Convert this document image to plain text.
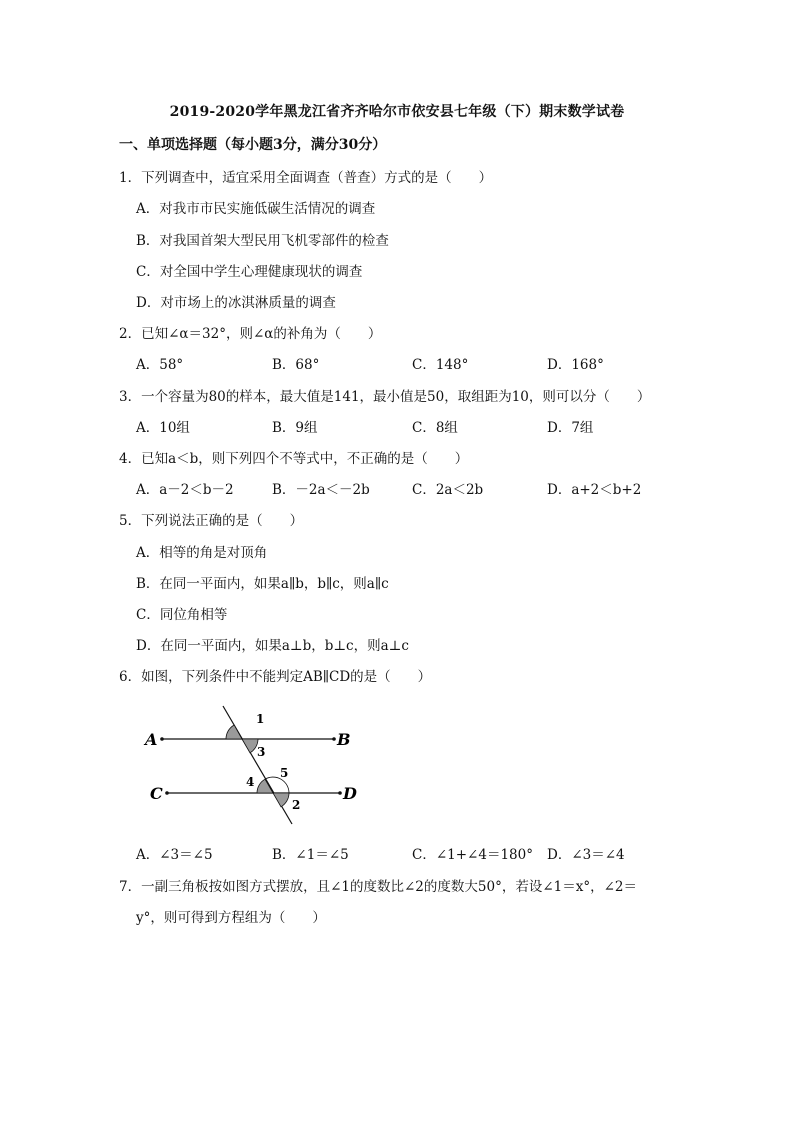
2019-2020学年黑龙江省齐齐哈尔市依安县七年级（下）期末数学试卷
一、单项选择题（每小题3分，满分30分）
1．下列调查中，适宜采用全面调查（普查）方式的是（　　）
A．对我市市民实施低碳生活情况的调查
B．对我国首架大型民用飞机零部件的检查
C．对全国中学生心理健康现状的调查
D．对市场上的冰淇淋质量的调查
2．已知∠α＝32°，则∠α的补角为（　　）
A．58°	B．68°	C．148°	D．168°
3．一个容量为80的样本，最大值是141，最小值是50，取组距为10，则可以分（　　）
A．10组	B．9组	C．8组	D．7组
4．已知a＜b，则下列四个不等式中，不正确的是（　　）
A．a－2＜b－2	B．－2a＜－2b	C．2a＜2b	D．a+2＜b+2
5．下列说法正确的是（　　）
A．相等的角是对顶角
B．在同一平面内，如果a∥b，b∥c，则a∥c
C．同位角相等
D．在同一平面内，如果a⊥b，b⊥c，则a⊥c
6．如图，下列条件中不能判定AB∥CD的是（　　）
A	B
C	D
1
3
4
5
2
A．∠3＝∠5	B．∠1＝∠5	C．∠1+∠4＝180° D．∠3＝∠4
7．一副三角板按如图方式摆放，且∠1的度数比∠2的度数大50°，若设∠1＝x°，∠2＝
y°，则可得到方程组为（　　）
